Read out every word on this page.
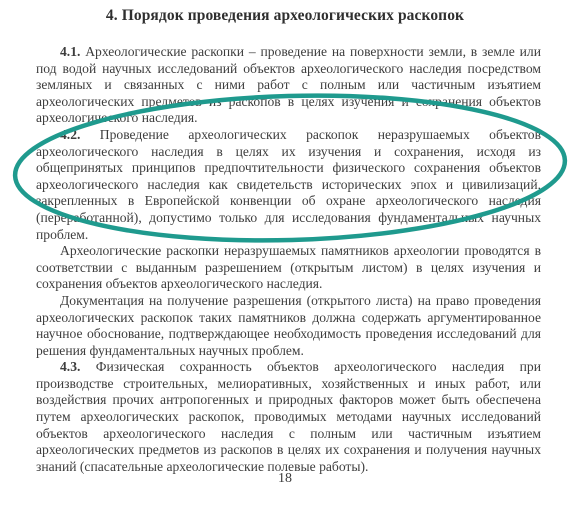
4. Порядок проведения археологических раскопок

4.1. Археологические раскопки – проведение на поверхности земли, в земле или под водой научных исследований объектов археологического наследия посредством земляных и связанных с ними работ с полным или частичным изъятием археологических предметов из раскопов в целях изучения и сохранения объектов археологического наследия.

4.2. Проведение археологических раскопок неразрушаемых объектов археологического наследия в целях их изучения и сохранения, исходя из общепринятых принципов предпочтительности физического сохранения объектов археологического наследия как свидетельств исторических эпох и цивилизаций, закрепленных в Европейской конвенции об охране археологического наследия (переработанной), допустимо только для исследования фундаментальных научных проблем.

Археологические раскопки неразрушаемых памятников археологии проводятся в соответствии с выданным разрешением (открытым листом) в целях изучения и сохранения объектов археологического наследия.

Документация на получение разрешения (открытого листа) на право проведения археологических раскопок таких памятников должна содержать аргументированное научное обоснование, подтверждающее необходимость проведения исследований для решения фундаментальных научных проблем.

4.3. Физическая сохранность объектов археологического наследия при производстве строительных, мелиоративных, хозяйственных и иных работ, или воздействия прочих антропогенных и природных факторов может быть обеспечена путем археологических раскопок, проводимых методами научных исследований объектов археологического наследия с полным или частичным изъятием археологических предметов из раскопов в целях их сохранения и получения научных знаний (спасательные археологические полевые работы).

18
